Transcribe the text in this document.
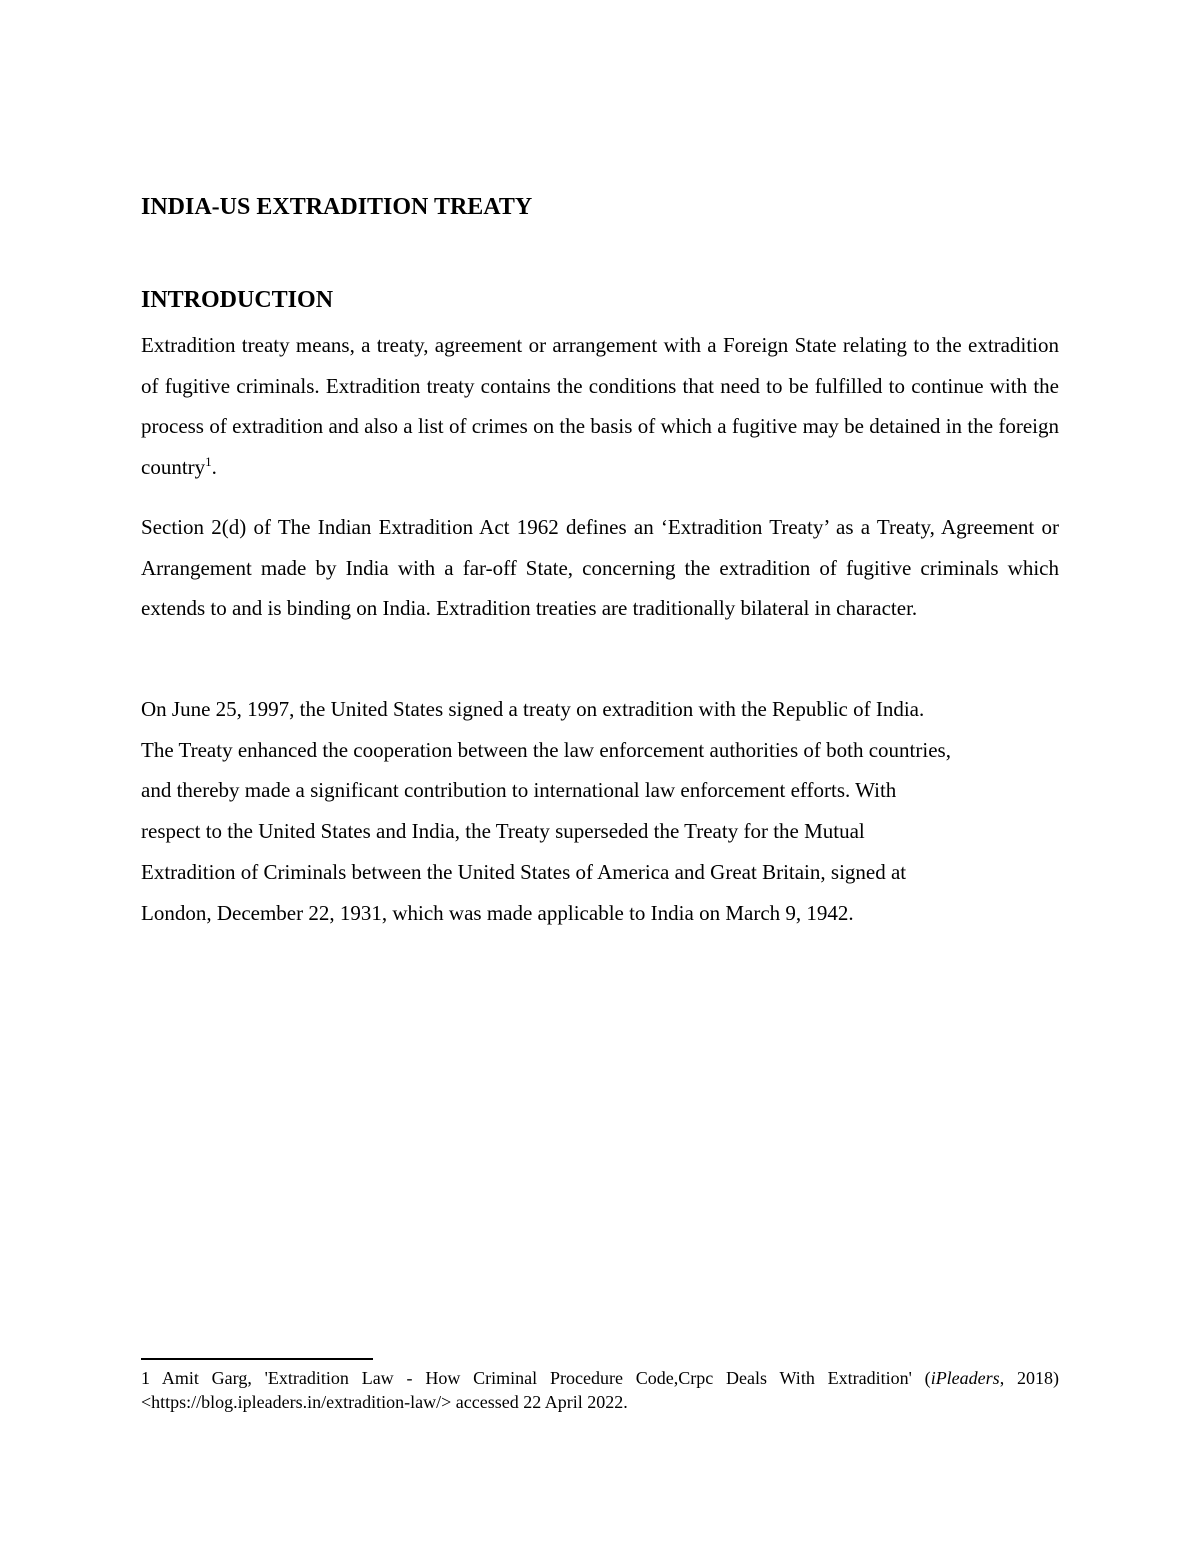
INDIA-US EXTRADITION TREATY
INTRODUCTION

Extradition treaty means, a treaty, agreement or arrangement with a Foreign State relating to the extradition of fugitive criminals. Extradition treaty contains the conditions that need to be fulfilled to continue with the process of extradition and also a list of crimes on the basis of which a fugitive may be detained in the foreign country$^1$.

Section 2(d) of The Indian Extradition Act 1962 defines an ‘Extradition Treaty’ as a Treaty, Agreement or Arrangement made by India with a far-off State, concerning the extradition of fugitive criminals which extends to and is binding on India. Extradition treaties are traditionally bilateral in character.

On June 25, 1997, the United States signed a treaty on extradition with the Republic of India.
The Treaty enhanced the cooperation between the law enforcement authorities of both countries,
and thereby made a significant contribution to international law enforcement efforts. With
respect to the United States and India, the Treaty superseded the Treaty for the Mutual
Extradition of Criminals between the United States of America and Great Britain, signed at
London, December 22, 1931, which was made applicable to India on March 9, 1942.

1 Amit Garg, 'Extradition Law - How Criminal Procedure Code,Crpc Deals With Extradition' (iPleaders, 2018) <https://blog.ipleaders.in/extradition-law/> accessed 22 April 2022.
